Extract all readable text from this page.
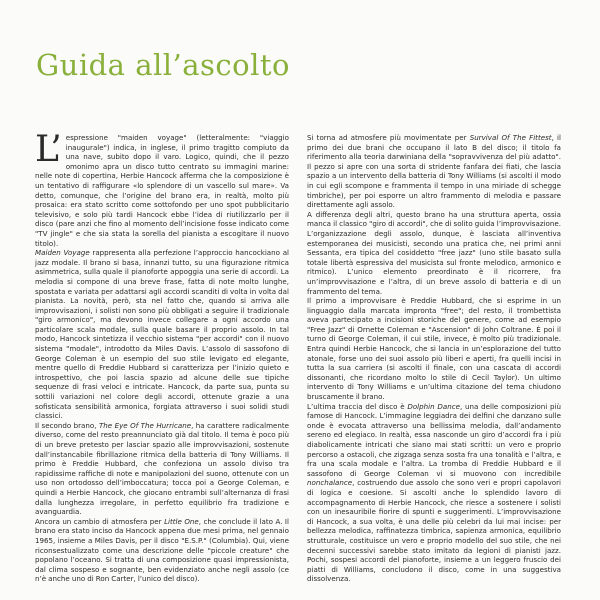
Guida all’ascolto
L’ espressione "maiden voyage" (letteralmente: "viaggio inaugurale") indica, in inglese, il primo tragitto compiuto da una nave, subito dopo il varo. Logico, quindi, che il pezzo omonimo apra un disco tutto centrato su immagini marine: nelle note di copertina, Herbie Hancock afferma che la composizione è un tentativo di raffigurare «lo splendore di un vascello sul mare». Va detto, comunque, che l’origine del brano era, in realtà, molto più prosaica: era stato scritto come sottofondo per uno spot pubblicitario televisivo, e solo più tardi Hancock ebbe l’idea di riutilizzarlo per il disco (pare anzi che fino al momento dell’incisione fosse indicato come "TV jingle" e che sia stata la sorella del pianista a escogitare il nuovo titolo).

Maiden Voyage rappresenta alla perfezione l’approccio hancockiano al jazz modale. Il brano si basa, innanzi tutto, su una figurazione ritmica asimmetrica, sulla quale il pianoforte appoggia una serie di accordi. La melodia si compone di una breve frase, fatta di note molto lunghe, spostata e variata per adattarsi agli accordi scanditi di volta in volta dal pianista. La novità, però, sta nel fatto che, quando si arriva alle improvvisazioni, i solisti non sono più obbligati a seguire il tradizionale "giro armonico", ma devono invece collegare a ogni accordo una particolare scala modale, sulla quale basare il proprio assolo. In tal modo, Hancock sintetizza il vecchio sistema "per accordi" con il nuovo sistema "modale", introdotto da Miles Davis. L’assolo di sassofono di George Coleman è un esempio del suo stile levigato ed elegante, mentre quello di Freddie Hubbard si caratterizza per l’inizio quieto e introspettivo, che poi lascia spazio ad alcune delle sue tipiche sequenze di frasi veloci e intricate. Hancock, da parte sua, punta su sottili variazioni nel colore degli accordi, ottenute grazie a una sofisticata sensibilità armonica, forgiata attraverso i suoi solidi studi classici.

Il secondo brano, The Eye Of The Hurricane, ha carattere radicalmente diverso, come del resto preannunciato già dal titolo. Il tema è poco più di un breve pretesto per lasciar spazio alle improvvisazioni, sostenute dall’instancabile fibrillazione ritmica della batteria di Tony Williams. Il primo è Freddie Hubbard, che confeziona un assolo diviso tra rapidissime raffiche di note e manipolazioni del suono, ottenute con un uso non ortodosso dell’imboccatura; tocca poi a George Coleman, e quindi a Herbie Hancock, che giocano entrambi sull’alternanza di frasi dalla lunghezza irregolare, in perfetto equilibrio fra tradizione e avanguardia.

Ancora un cambio di atmosfera per Little One, che conclude il lato A. Il brano era stato inciso da Hancock appena due mesi prima, nel gennaio 1965, insieme a Miles Davis, per il disco "E.S.P." (Columbia). Qui, viene riconsestualizzato come una descrizione delle "piccole creature" che popolano l’oceano. Si tratta di una composizione quasi impressionista, dal clima sospeso e sognante, ben evidenziato anche negli assolo (ce n’è anche uno di Ron Carter, l’unico del disco).

Si torna ad atmosfere più movimentate per Survival Of The Fittest, il primo dei due brani che occupano il lato B del disco; il titolo fa riferimento alla teoria darwiniana della "sopravvivenza del più adatto". Il pezzo si apre con una sorta di stridente fanfara dei fiati, che lascia spazio a un intervento della batteria di Tony Williams (si ascolti il modo in cui egli scompone e frammenta il tempo in una miriade di schegge timbriche), per poi esporre un altro frammento di melodia e passare direttamente agli assolo.

A differenza degli altri, questo brano ha una struttura aperta, ossia manca il classico "giro di accordi", che di solito guida l’improvvisazione. L’organizzazione degli assolo, dunque, è lasciata all’inventiva estemporanea dei musicisti, secondo una pratica che, nei primi anni Sessanta, era tipica del cosiddetto "free jazz" (uno stile basato sulla totale libertà espressiva del musicista sul fronte melodico, armonico e ritmico). L’unico elemento preordinato è il ricorrere, fra un’improvvisazione e l’altra, di un breve assolo di batteria e di un frammento del tema.

Il primo a improvvisare è Freddie Hubbard, che si esprime in un linguaggio dalla marcata impronta "free"; del resto, il trombettista aveva partecipato a incisioni storiche del genere, come ad esempio "Free Jazz" di Ornette Coleman e "Ascension" di John Coltrane. È poi il turno di George Coleman, il cui stile, invece, è molto più tradizionale. Entra quindi Herbie Hancock, che si lancia in un’esplorazione del tutto atonale, forse uno dei suoi assolo più liberi e aperti, fra quelli incisi in tutta la sua carriera (si ascolti il finale, con una cascata di accordi dissonanti, che ricordano molto lo stile di Cecil Taylor). Un ultimo intervento di Tony Williams e un’ultima citazione del tema chiudono bruscamente il brano.

L’ultima traccia del disco è Dolphin Dance, una delle composizioni più famose di Hancock. L’immagine leggiadra dei delfini che danzano sulle onde è evocata attraverso una bellissima melodia, dall’andamento sereno ed elegiaco. In realtà, essa nasconde un giro d’accordi fra i più diabolicamente intricati che siano mai stati scritti: un vero e proprio percorso a ostacoli, che zigzaga senza sosta fra una tonalità e l’altra, e fra una scala modale e l’altra. La tromba di Freddie Hubbard e il sassofono di George Coleman vi si muovono con incredibile nonchalance, costruendo due assolo che sono veri e propri capolavori di logica e coesione. Si ascolti anche lo splendido lavoro di accompagnamento di Herbie Hancock, che riesce a sostenere i solisti con un inesauribile fiorire di spunti e suggerimenti. L’improvvisazione di Hancock, a sua volta, è una delle più celebri da lui mai incise: per bellezza melodica, raffinatezza timbrica, sapienza armonica, equilibrio strutturale, costituisce un vero e proprio modello del suo stile, che nei decenni successivi sarebbe stato imitato da legioni di pianisti jazz. Pochi, sospesi accordi del pianoforte, insieme a un leggero fruscio dei piatti di Williams, concludono il disco, come in una suggestiva dissolvenza.
